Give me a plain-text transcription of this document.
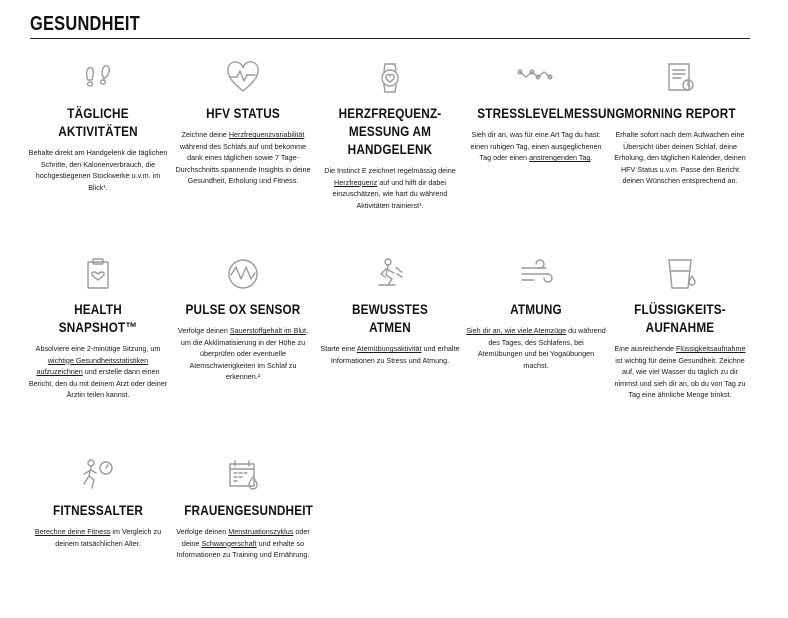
GESUNDHEIT
TÄGLICHE AKTIVITÄTEN

Behalte direkt am Handgelenk die täglichen Schritte, den Kalorienverbrauch, die hochgestiegenen Stockwerke u.v.m. im Blick¹.

HFV STATUS

Zeichne deine Herzfrequenzvariabilität während des Schlafs auf und bekomme dank eines täglichen sowie 7 Tage-Durchschnitts spannende Insights in deine Gesundheit, Erholung und Fitness.

HERZFREQUENZ-
MESSUNG AM
HANDGELENK

Die Instinct E zeichnet regelmässig deine Herzfrequenz auf und hilft dir dabei einzuschätzen, wie hart du während Aktivitäten trainierst¹.

STRESSLEVELMESSUNG

Sieh dir an, was für eine Art Tag du hast: einen ruhigen Tag, einen ausgeglichenen Tag oder einen anstrengenden Tag.

MORNING REPORT

Erhalte sofort nach dem Aufwachen eine Übersicht über deinen Schlaf, deine Erholung, den täglichen Kalender, deinen HFV Status u.v.m. Passe den Bericht deinen Wünschen entsprechend an.

HEALTH SNAPSHOT™

Absolviere eine 2-minütige Sitzung, um wichtige Gesundheitsstatistiken aufzuzeichnen und erstelle dann einen Bericht, den du mit deinem Arzt oder deiner Ärztin teilen kannst.

PULSE OX SENSOR

Verfolge deinen Sauerstoffgehalt im Blut, um die Akklimatisierung in der Höhe zu überprüfen oder eventuelle Atemschwierigkeiten im Schlaf zu erkennen.²

BEWUSSTES ATMEN

Starte eine Atemübungsaktivität und erhalte Informationen zu Stress und Atmung.

ATMUNG

Sieh dir an, wie viele Atemzüge du während des Tages, des Schlafens, bei Atemübungen und bei Yogaübungen machst.

FLÜSSIGKEITS-
AUFNAHME

Eine ausreichende Flüssigkeitsaufnahme ist wichtig für deine Gesundheit. Zeichne auf, wie viel Wasser du täglich zu dir nimmst und sieh dir an, ob du von Tag zu Tag eine ähnliche Menge trinkst.

FITNESSALTER

Berechne deine Fitness im Vergleich zu deinem tatsächlichen Alter.

FRAUENGESUNDHEIT

Verfolge deinen Menstruationszyklus oder deine Schwangerschaft und erhalte so Informationen zu Training und Ernährung.
